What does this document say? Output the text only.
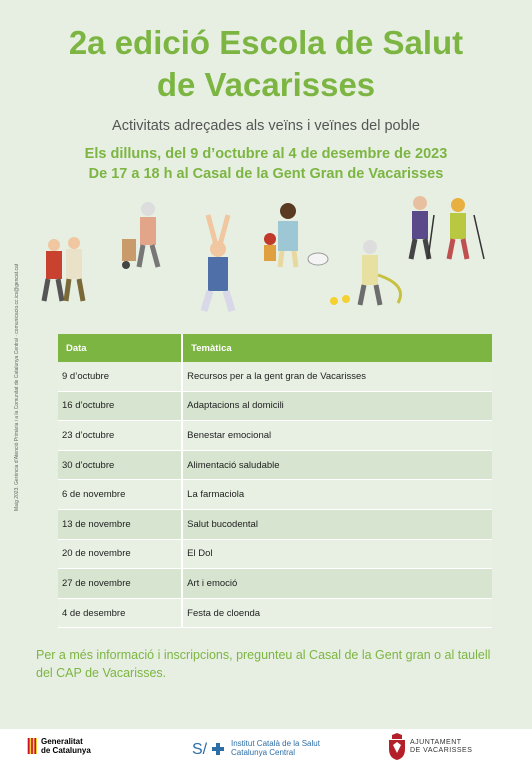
2a edició Escola de Salut
de Vacarisses
Activitats adreçades als veïns i veïnes del poble
Els dilluns, del 9 d’octubre al 4 de desembre de 2023
De 17 a 18 h al Casal de la Gent Gran de Vacarisses
Maig 2023. Gerència d’Atenció Primària i a la Comunitat de Catalunya Central · comunicacio.cc.ics@gencat.cat	Data	Temàtica
9 d’octubre	Recursos per a la gent gran de Vacarisses
16 d’octubre	Adaptacions al domicili
23 d’octubre	Benestar emocional
30 d’octubre	Alimentació saludable
6 de novembre	La farmaciola
13 de novembre	Salut bucodental
20 de novembre	El Dol
27 de novembre	Art i emoció
4 de desembre	Festa de cloenda
Per a més informació i inscripcions, pregunteu al Casal de la Gent gran o al taulell del CAP de Vacarisses.
Generalitat
de Catalunya	S/	Institut Català de la Salut
Catalunya Central
AJUNTAMENT
DE VACARISSES
